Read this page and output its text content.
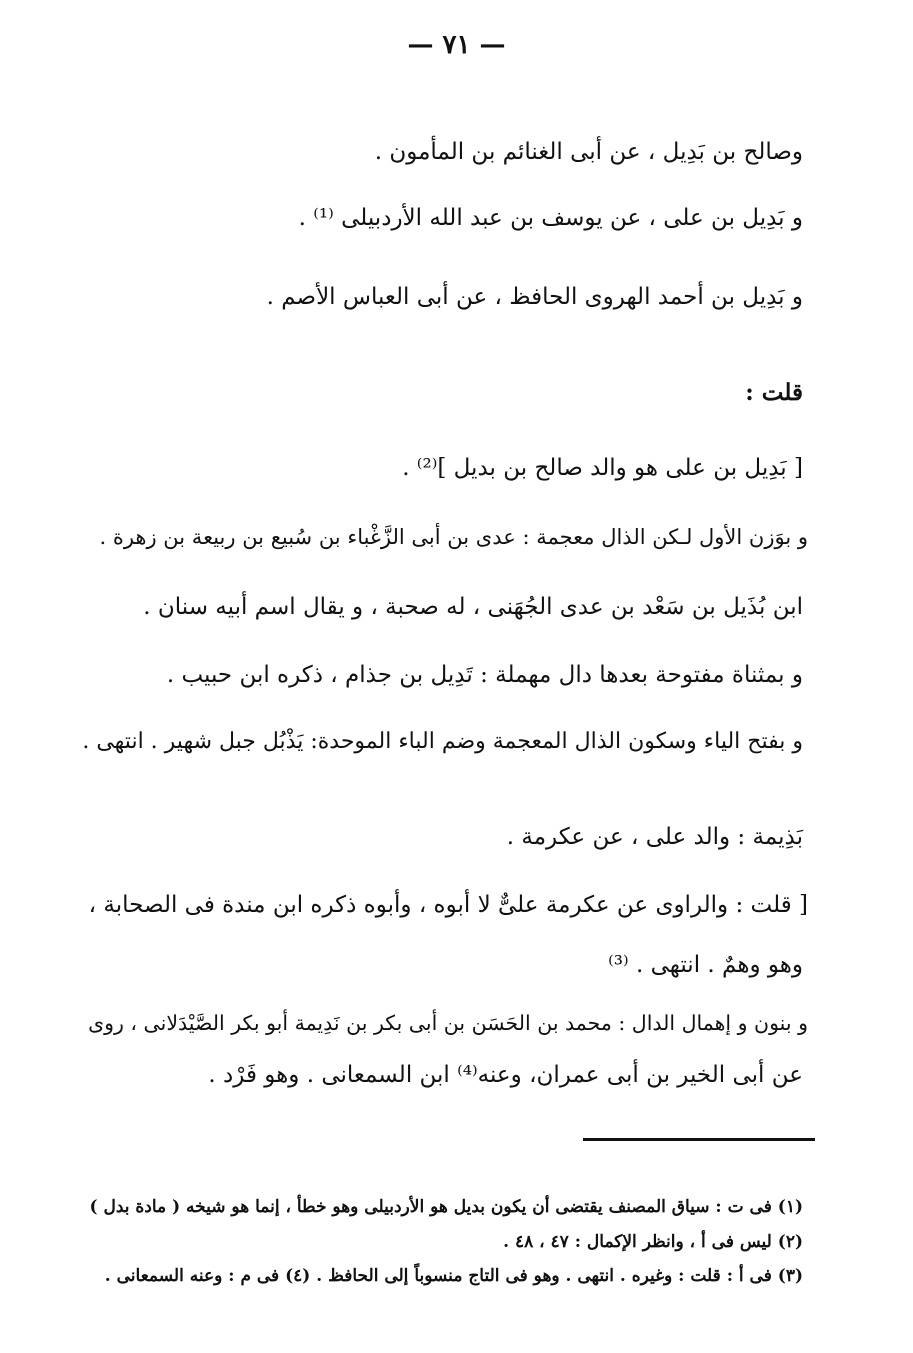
— ٧١ —
وصالح بن بَدِيل ، عن أبى الغنائم بن المأمون .
و بَدِيل بن على ، عن يوسف بن عبد الله الأردبيلى ⁽¹⁾ .
و بَدِيل بن أحمد الهروى الحافظ ، عن أبى العباس الأصم .
قلت :
[ بَدِيل بن على هو والد صالح بن بديل ]⁽²⁾ .
و بوَزن الأول لـكن الذال معجمة : عدى بن أبى الزَّغْباء بن سُبيع بن ربيعة بن زهرة .
ابن بُذَيل بن سَعْد بن عدى الجُهَنى ، له صحبة ، و يقال اسم أبيه سنان .
و بمثناة مفتوحة بعدها دال مهملة : تَدِيل بن جذام ، ذكره ابن حبيب .
و بفتح الياء وسكون الذال المعجمة وضم الباء الموحدة: يَذْبُل جبل شهير . انتهى .
بَذِيمة : والد على ، عن عكرمة .
[ قلت : والراوى عن عكرمة علىٌّ لا أبوه ، وأبوه ذكره ابن مندة فى الصحابة ،
وهو وهمٌ . انتهى . ⁽³⁾
و بنون و إهمال الدال : محمد بن الحَسَن بن أبى بكر بن نَدِيمة أبو بكر الصَّيْدَلانى ، روى
عن أبى الخير بن أبى عمران، وعنه⁽⁴⁾ ابن السمعانى . وهو فَرْد .
(١) فى ت : سياق المصنف يقتضى أن يكون بديل هو الأردبيلى وهو خطأ ، إنما هو شيخه ( مادة بدل )
(٢) ليس فى أ ، وانظر الإكمال : ٤٧ ، ٤٨ .
(٣) فى أ : قلت : وغيره . انتهى . وهو فى التاج منسوباً إلى الحافظ . (٤) فى م : وعنه السمعانى .
